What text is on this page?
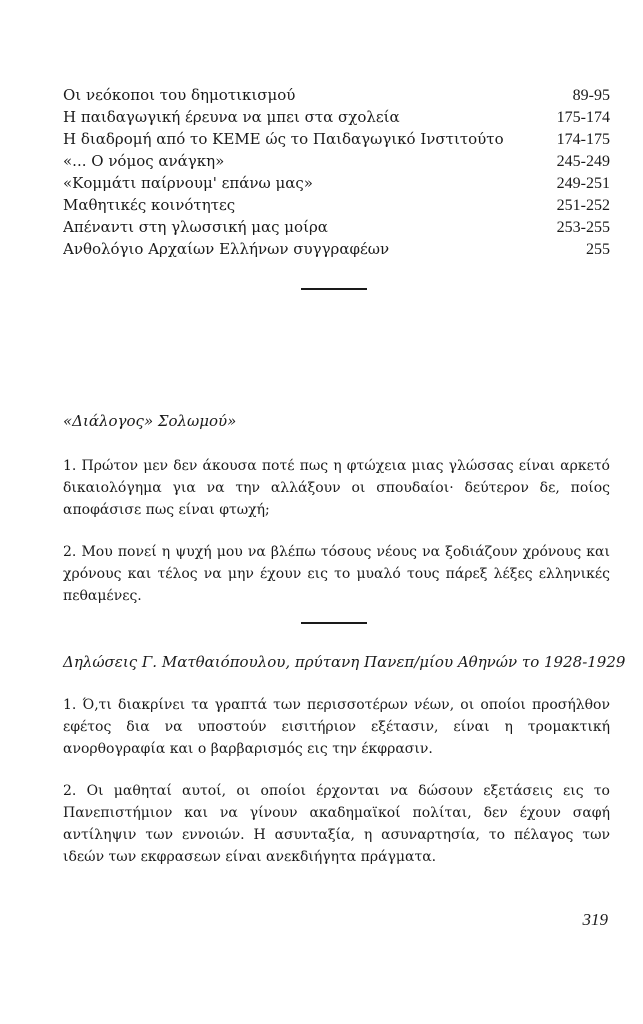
Οι νεόκοποι του δημοτικισμού	89-95
Η παιδαγωγική έρευνα να μπει στα σχολεία	175-174
Η διαδρομή από το ΚΕΜΕ ώς το Παιδαγωγικό Ινστιτούτο	174-175
«... Ο νόμος ανάγκη»	245-249
«Κομμάτι παίρνουμ' επάνω μας»	249-251
Μαθητικές κοινότητες	251-252
Απέναντι στη γλωσσική μας μοίρα	253-255
Ανθολόγιο Αρχαίων Ελλήνων συγγραφέων	255
«Διάλογος» Σολωμού»
1. Πρώτον μεν δεν άκουσα ποτέ πως η φτώχεια μιας γλώσσας είναι αρκετό δικαιολόγημα για να την αλλάξουν οι σπουδαίοι· δεύτερον δε, ποίος αποφάσισε πως είναι φτωχή;
2. Μου πονεί η ψυχή μου να βλέπω τόσους νέους να ξοδιάζουν χρόνους και χρόνους και τέλος να μην έχουν εις το μυαλό τους πάρεξ λέξες ελληνικές πεθαμένες.
Δηλώσεις Γ. Ματθαιόπουλου, πρύτανη Πανεπ/μίου Αθηνών το 1928-1929
1. Ό,τι διακρίνει τα γραπτά των περισσοτέρων νέων, οι οποίοι προσήλθον εφέτος δια να υποστούν εισιτήριον εξέτασιν, είναι η τρομακτική ανορθογραφία και ο βαρβαρισμός εις την έκφρασιν.
2. Οι μαθηταί αυτοί, οι οποίοι έρχονται να δώσουν εξετάσεις εις το Πανεπιστήμιον και να γίνουν ακαδημαϊκοί πολίται, δεν έχουν σαφή αντίληψιν των εννοιών. Η ασυνταξία, η ασυναρτησία, το πέλαγος των ιδεών των εκφρασεων είναι ανεκδιήγητα πράγματα.
319
